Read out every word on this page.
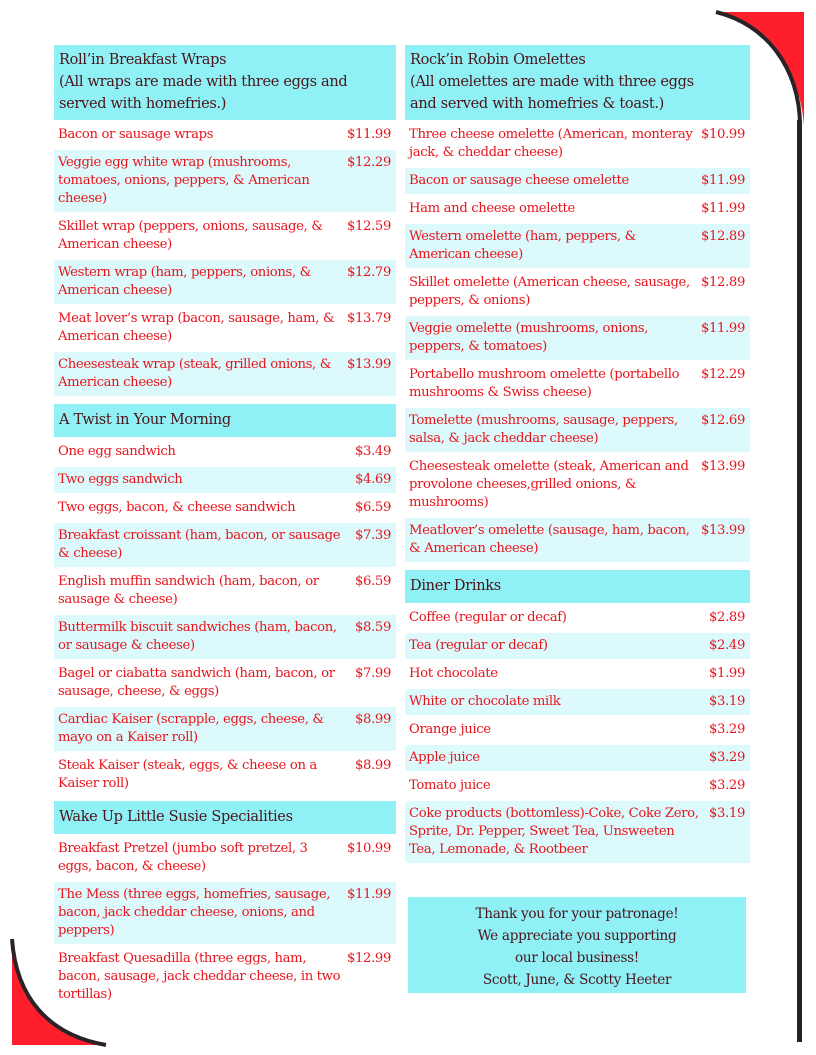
Roll’in Breakfast Wraps
(All wraps are made with three eggs and
served with homefries.)
Bacon or sausage wraps	$11.99
Veggie egg white wrap (mushrooms, tomatoes, onions, peppers, & American cheese)
$12.29
Skillet wrap (peppers, onions, sausage, & American cheese)
$12.59
Western wrap (ham, peppers, onions, & American cheese)
$12.79
Meat lover’s wrap (bacon, sausage, ham, & American cheese)
$13.79
Cheesesteak wrap (steak, grilled onions, & American cheese)
$13.99
A Twist in Your Morning
One egg sandwich	$3.49
Two eggs sandwich	$4.69
Two eggs, bacon, & cheese sandwich	$6.59
Breakfast croissant (ham, bacon, or sausage & cheese)
$7.39
English muffin sandwich (ham, bacon, or sausage & cheese)
$6.59
Buttermilk biscuit sandwiches (ham, bacon, or sausage & cheese)
$8.59
Bagel or ciabatta sandwich (ham, bacon, or sausage, cheese, & eggs)
$7.99
Cardiac Kaiser (scrapple, eggs, cheese, & mayo on a Kaiser roll)
$8.99
Steak Kaiser (steak, eggs, & cheese on a Kaiser roll)
$8.99
Wake Up Little Susie Specialities
Breakfast Pretzel (jumbo soft pretzel, 3 eggs, bacon, & cheese)
$10.99
The Mess (three eggs, homefries, sausage, bacon, jack cheddar cheese, onions, and peppers)
$11.99
Breakfast Quesadilla (three eggs, ham, bacon, sausage, jack cheddar cheese, in two tortillas)
$12.99
Rock’in Robin Omelettes
(All omelettes are made with three eggs
and served with homefries & toast.)
Three cheese omelette (American, monteray jack, & cheddar cheese)
$10.99
Bacon or sausage cheese omelette	$11.99
Ham and cheese omelette	$11.99
Western omelette (ham, peppers, & American cheese)
$12.89
Skillet omelette (American cheese, sausage, peppers, & onions)
$12.89
Veggie omelette (mushrooms, onions, peppers, & tomatoes)
$11.99
Portabello mushroom omelette (portabello mushrooms & Swiss cheese)
$12.29
Tomelette (mushrooms, sausage, peppers, salsa, & jack cheddar cheese)
$12.69
Cheesesteak omelette (steak, American and provolone cheeses,grilled onions, & mushrooms)
$13.99
Meatlover’s omelette (sausage, ham, bacon, & American cheese)
$13.99
Diner Drinks
Coffee (regular or decaf)	$2.89
Tea (regular or decaf)	$2.49
Hot chocolate	$1.99
White or chocolate milk	$3.19
Orange juice	$3.29
Apple juice	$3.29
Tomato juice	$3.29
Coke products (bottomless)-Coke, Coke Zero, Sprite, Dr. Pepper, Sweet Tea, Unsweeten Tea, Lemonade, & Rootbeer
$3.19
Thank you for your patronage!
We appreciate you supporting
our local business!
Scott, June, & Scotty Heeter
